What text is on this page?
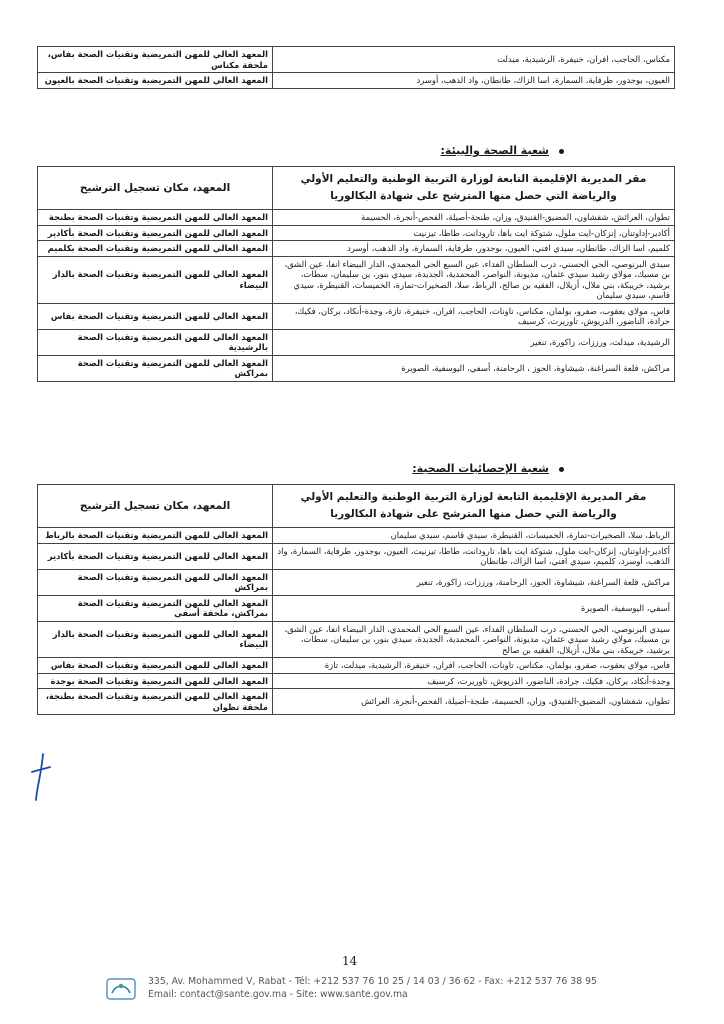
مكناس، الحاجب، افران، خنيفرة، الرشيدية، ميدلت	المعهد العالي للمهن التمريضية وتقنيات الصحة بفاس، ملحقة مكناس
العيون، بوجدور، طرفاية، السمارة، اسا الزاك، طانطان، واد الذهب، أوسرد	المعهد العالي للمهن التمريضية وتقنيات الصحة بالعيون
شعبة الصحة والبيئة:
مقر المديرية الإقليمية التابعة لوزارة التربية الوطنية والتعليم الأولي والرياضة التي حصل منها المترشح على شهادة البكالوريا	المعهد، مكان تسجيل الترشيح
تطوان، العرائش، شفشاون، المضيق-الفنيدق، وزان، طنجة-أصيلة، الفحص-أنجرة، الحسيمة	المعهد العالي للمهن التمريضية وتقنيات الصحة بطنجة
أكادير-إداوتنان، إنزكان-ايت ملول، شتوكة ايت باها، تارودانت، طاطا، تيزنيت	المعهد العالي للمهن التمريضية وتقنيات الصحة بأكادير
كلميم، اسا الزاك، طانطان، سيدي افني، العيون، بوجدور، طرفاية، السمارة، واد الذهب، أوسرد	المعهد العالي للمهن التمريضية وتقنيات الصحة بكلميم
سيدي البرنوصي، الحي الحسني، درب السلطان الفداء، عين السبع الحي المحمدي، الدار البيضاء انفا، عين الشق، بن مسيك، مولاي رشيد سيدي عثمان، مديونة، النواصر، المحمدية، الجديدة، سيدي بنور، بن سليمان، سطات، برشيد، خريبكة، بني ملال، أزيلال، الفقيه بن صالح، الرباط، سلا، الصخيرات-تمارة، الخميسات، القنيطرة، سيدي قاسم، سيدي سليمان	المعهد العالي للمهن التمريضية وتقنيات الصحة بالدار البيضاء
فاس، مولاي يعقوب، صفرو، بولمان، مكناس، تاونات، الحاجب، افران، خنيفرة، تازة، وجدة-أنكاد، بركان، فكيك، جرادة، الناضور، الدريوش، تاوريرت، كرسيف	المعهد العالي للمهن التمريضية وتقنيات الصحة بفاس
الرشيدية، ميدلت، ورززات، زاكورة، تنغير	المعهد العالي للمهن التمريضية وتقنيات الصحة بالرشيدية
مراكش، قلعة السراغنة، شيشاوة، الحوز ، الرحامنة، أسفي، اليوسفية، الصويرة	المعهد العالي للمهن التمريضية وتقنيات الصحة بمراكش
شعبة الإحصائيات الصحية:
مقر المديرية الإقليمية التابعة لوزارة التربية الوطنية والتعليم الأولي والرياضة التي حصل منها المترشح على شهادة البكالوريا	المعهد، مكان تسجيل الترشيح
الرباط، سلا، الصخيرات-تمارة، الخميسات، القنيطرة، سيدي قاسم، سيدي سليمان	المعهد العالي للمهن التمريضية وتقنيات الصحة بالرباط
أكادير-إداوتنان، إنزكان-ايت ملول، شتوكة ايت باها، تارودانت، طاطا، تيزنيت، العيون، بوجدور، طرفاية، السمارة، واد الذهب، أوسرد، كلميم، سيدي افني، اسا الزاك، طانطان	المعهد العالي للمهن التمريضية وتقنيات الصحة بأكادير
مراكش، قلعة السراغنة، شيشاوة، الحوز، الرحامنة، ورززات، زاكورة، تنغير	المعهد العالي للمهن التمريضية وتقنيات الصحة بمراكش
أسفي، اليوسفية، الصويرة	المعهد العالي للمهن التمريضية وتقنيات الصحة بمراكش، ملحقة أسفي
سيدي البرنوصي، الحي الحسني، درب السلطان الفداء، عين السبع الحي المحمدي، الدار البيضاء انفا، عين الشق، بن مسيك، مولاي رشيد سيدي عثمان، مديونة، النواصر، المحمدية، الجديدة، سيدي بنور، بن سليمان، سطات، برشيد، خريبكة، بني ملال، أزيلال، الفقيه بن صالح	المعهد العالي للمهن التمريضية وتقنيات الصحة بالدار البيضاء
فاس، مولاي يعقوب، صفرو، بولمان، مكناس، تاونات، الحاجب، افران، خنيفرة، الرشيدية، ميدلت، تازة	المعهد العالي للمهن التمريضية وتقنيات الصحة بفاس
وجدة-أنكاد، بركان، فكيك، جرادة، الناضور، الدريوش، تاوريرت، كرسيف	المعهد العالي للمهن التمريضية وتقنيات الصحة بوجدة
تطوان، شفشاون، المضيق-الفنيدق، وزان، الحسيمة، طنجة-أصيلة، الفحص-أنجرة، العرائش	المعهد العالي للمهن التمريضية وتقنيات الصحة بطنجة، ملحقة تطوان
14
335, Av. Mohammed V, Rabat - Tél: +212 537 76 10 25 / 14 03 / 36 62 - Fax: +212 537 76 38 95
Email: contact@sante.gov.ma - Site: www.sante.gov.ma
